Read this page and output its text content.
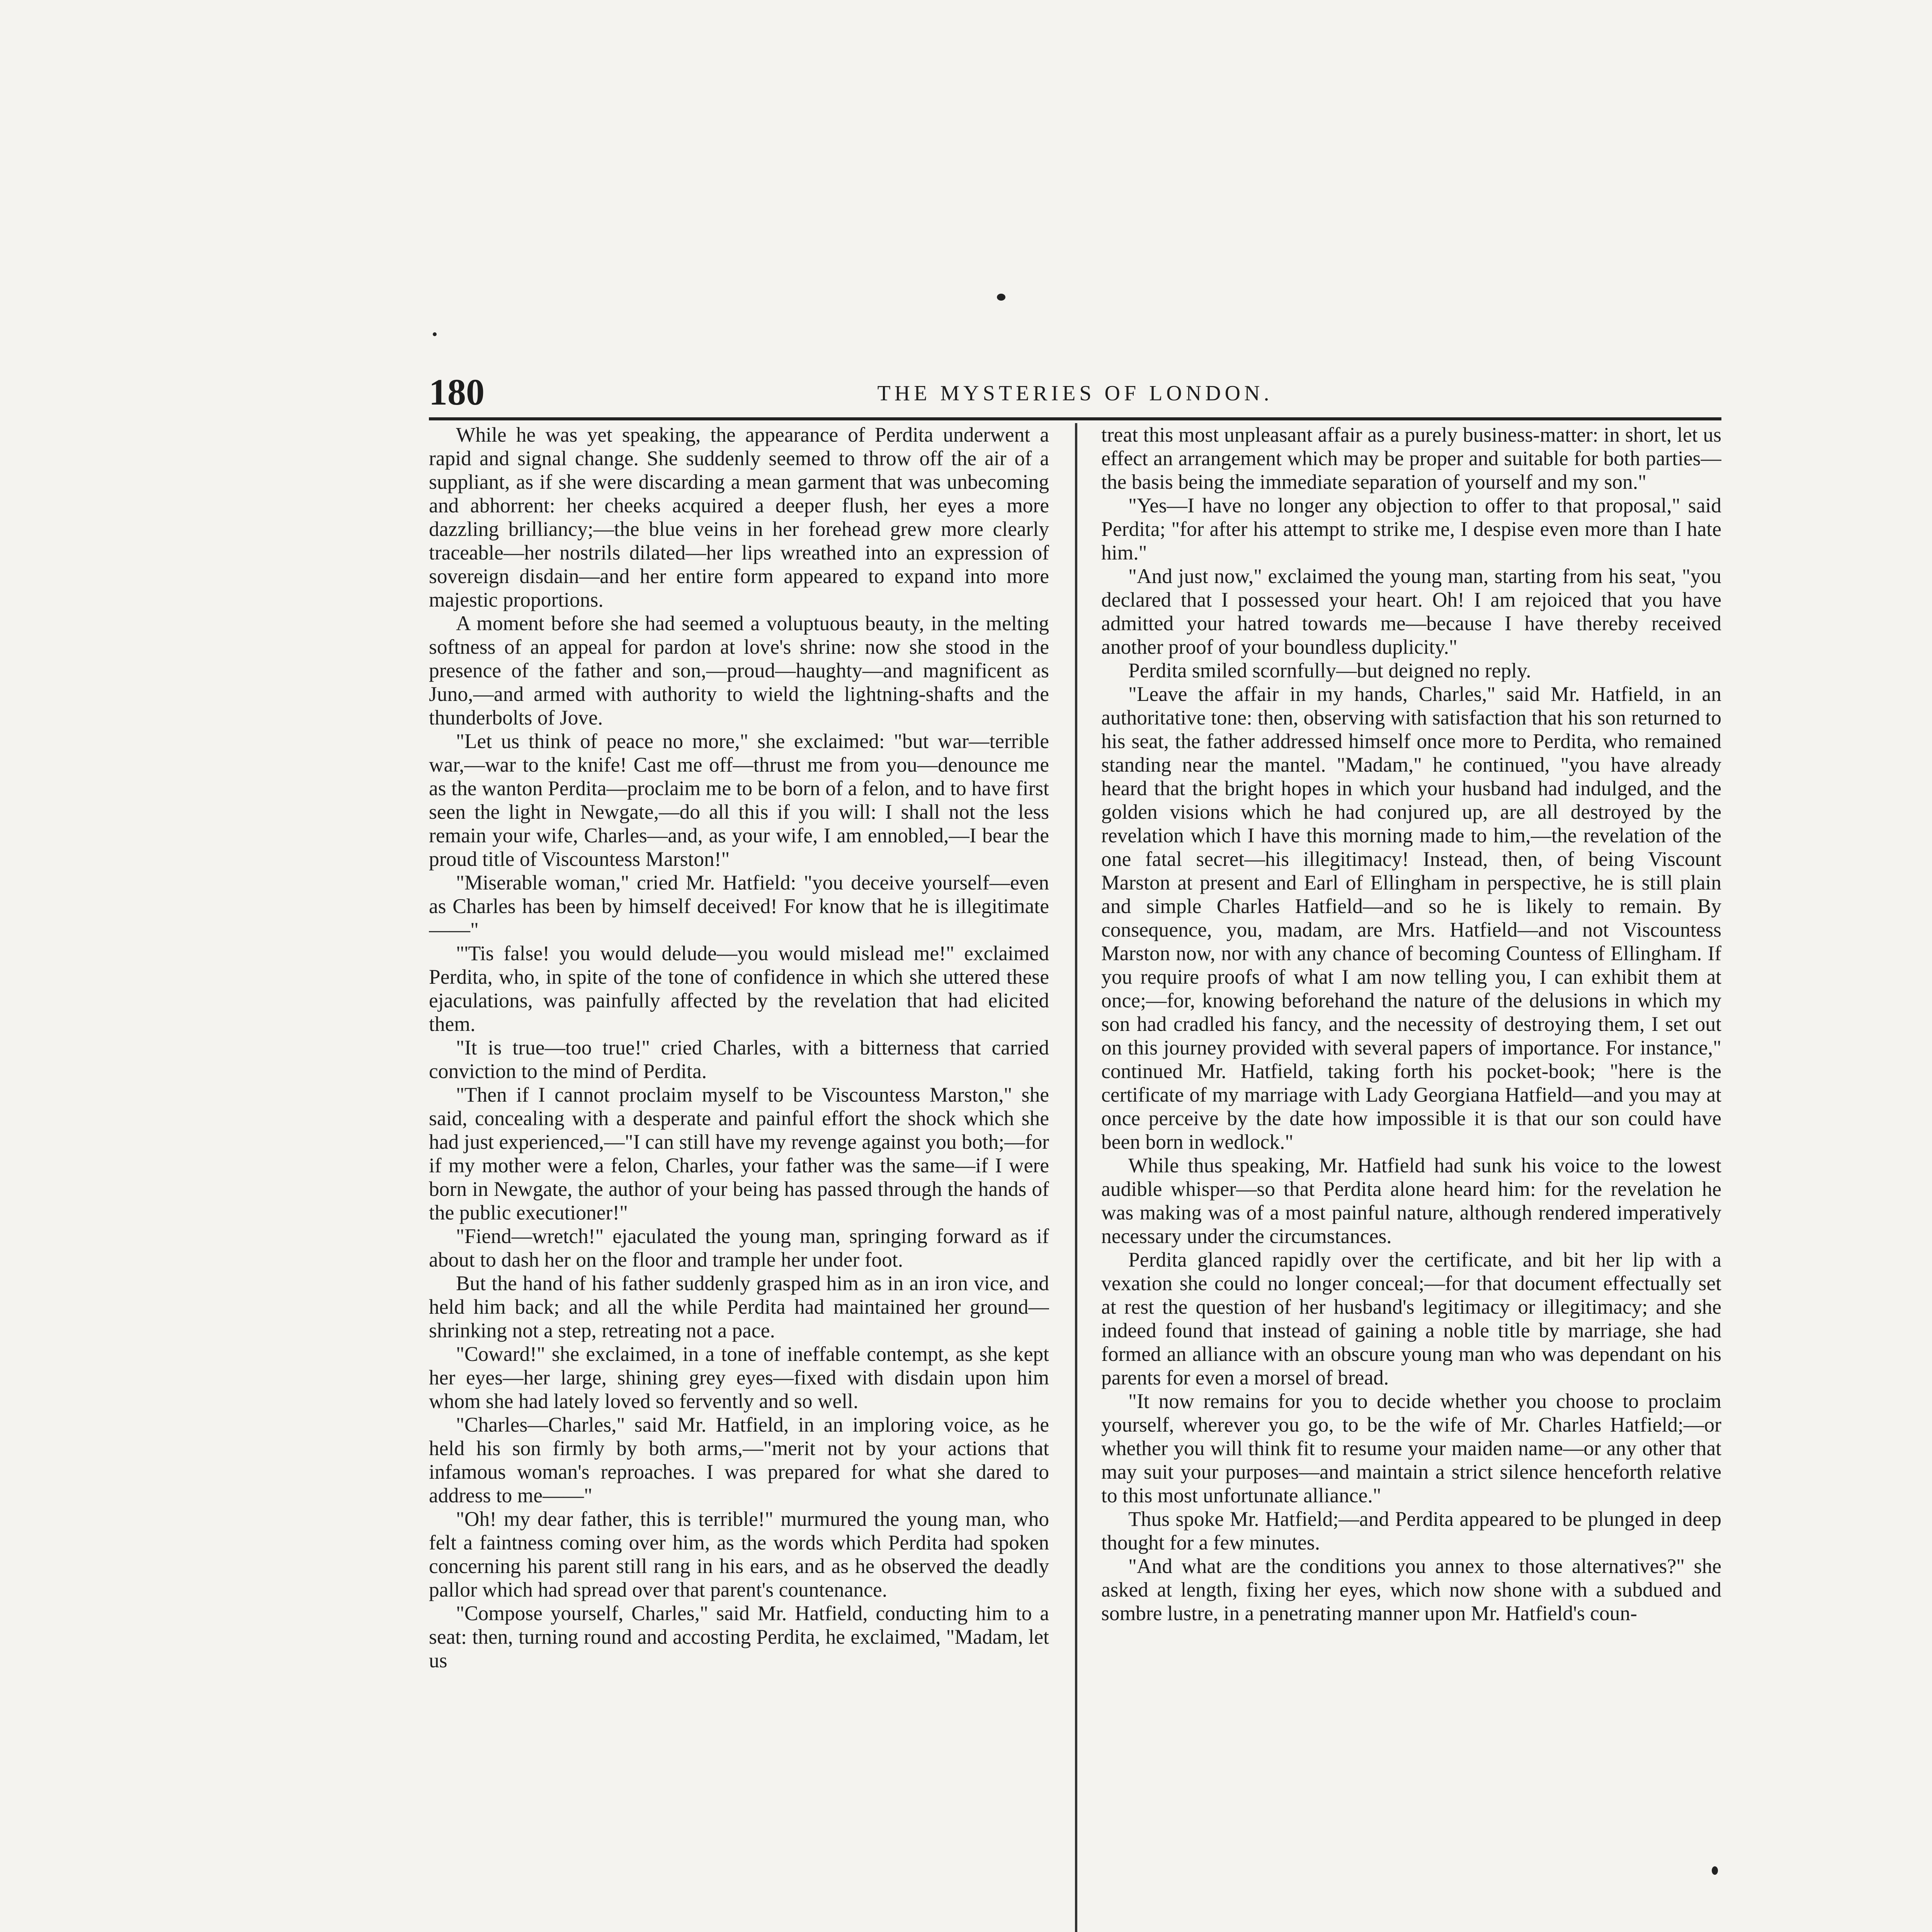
180	THE MYSTERIES OF LONDON.

While he was yet speaking, the appearance of Perdita underwent a rapid and signal change. She suddenly seemed to throw off the air of a suppliant, as if she were discarding a mean garment that was unbecoming and abhorrent: her cheeks acquired a deeper flush, her eyes a more dazzling brilliancy;—the blue veins in her forehead grew more clearly traceable—her nostrils dilated—her lips wreathed into an expression of sovereign disdain—and her entire form appeared to expand into more majestic proportions.

A moment before she had seemed a voluptuous beauty, in the melting softness of an appeal for pardon at love's shrine: now she stood in the presence of the father and son,—proud—haughty—and magnificent as Juno,—and armed with authority to wield the lightning-shafts and the thunderbolts of Jove.

"Let us think of peace no more," she exclaimed: "but war—terrible war,—war to the knife! Cast me off—thrust me from you—denounce me as the wanton Perdita—proclaim me to be born of a felon, and to have first seen the light in Newgate,—do all this if you will: I shall not the less remain your wife, Charles—and, as your wife, I am ennobled,—I bear the proud title of Viscountess Marston!"

"Miserable woman," cried Mr. Hatfield: "you deceive yourself—even as Charles has been by himself deceived! For know that he is illegitimate——"

"'Tis false! you would delude—you would mislead me!" exclaimed Perdita, who, in spite of the tone of confidence in which she uttered these ejaculations, was painfully affected by the revelation that had elicited them.

"It is true—too true!" cried Charles, with a bitterness that carried conviction to the mind of Perdita.

"Then if I cannot proclaim myself to be Viscountess Marston," she said, concealing with a desperate and painful effort the shock which she had just experienced,—"I can still have my revenge against you both;—for if my mother were a felon, Charles, your father was the same—if I were born in Newgate, the author of your being has passed through the hands of the public executioner!"

"Fiend—wretch!" ejaculated the young man, springing forward as if about to dash her on the floor and trample her under foot.

But the hand of his father suddenly grasped him as in an iron vice, and held him back; and all the while Perdita had maintained her ground—shrinking not a step, retreating not a pace.

"Coward!" she exclaimed, in a tone of ineffable contempt, as she kept her eyes—her large, shining grey eyes—fixed with disdain upon him whom she had lately loved so fervently and so well.

"Charles—Charles," said Mr. Hatfield, in an imploring voice, as he held his son firmly by both arms,—"merit not by your actions that infamous woman's reproaches. I was prepared for what she dared to address to me——"

"Oh! my dear father, this is terrible!" murmured the young man, who felt a faintness coming over him, as the words which Perdita had spoken concerning his parent still rang in his ears, and as he observed the deadly pallor which had spread over that parent's countenance.

"Compose yourself, Charles," said Mr. Hatfield, conducting him to a seat: then, turning round and accosting Perdita, he exclaimed, "Madam, let us

treat this most unpleasant affair as a purely business-matter: in short, let us effect an arrangement which may be proper and suitable for both parties—the basis being the immediate separation of yourself and my son."

"Yes—I have no longer any objection to offer to that proposal," said Perdita; "for after his attempt to strike me, I despise even more than I hate him."

"And just now," exclaimed the young man, starting from his seat, "you declared that I possessed your heart. Oh! I am rejoiced that you have admitted your hatred towards me—because I have thereby received another proof of your boundless duplicity."

Perdita smiled scornfully—but deigned no reply.

"Leave the affair in my hands, Charles," said Mr. Hatfield, in an authoritative tone: then, observing with satisfaction that his son returned to his seat, the father addressed himself once more to Perdita, who remained standing near the mantel. "Madam," he continued, "you have already heard that the bright hopes in which your husband had indulged, and the golden visions which he had conjured up, are all destroyed by the revelation which I have this morning made to him,—the revelation of the one fatal secret—his illegitimacy! Instead, then, of being Viscount Marston at present and Earl of Ellingham in perspective, he is still plain and simple Charles Hatfield—and so he is likely to remain. By consequence, you, madam, are Mrs. Hatfield—and not Viscountess Marston now, nor with any chance of becoming Countess of Ellingham. If you require proofs of what I am now telling you, I can exhibit them at once;—for, knowing beforehand the nature of the delusions in which my son had cradled his fancy, and the necessity of destroying them, I set out on this journey provided with several papers of importance. For instance," continued Mr. Hatfield, taking forth his pocket-book; "here is the certificate of my marriage with Lady Georgiana Hatfield—and you may at once perceive by the date how impossible it is that our son could have been born in wedlock."

While thus speaking, Mr. Hatfield had sunk his voice to the lowest audible whisper—so that Perdita alone heard him: for the revelation he was making was of a most painful nature, although rendered imperatively necessary under the circumstances.

Perdita glanced rapidly over the certificate, and bit her lip with a vexation she could no longer conceal;—for that document effectually set at rest the question of her husband's legitimacy or illegitimacy; and she indeed found that instead of gaining a noble title by marriage, she had formed an alliance with an obscure young man who was dependant on his parents for even a morsel of bread.

"It now remains for you to decide whether you choose to proclaim yourself, wherever you go, to be the wife of Mr. Charles Hatfield;—or whether you will think fit to resume your maiden name—or any other that may suit your purposes—and maintain a strict silence henceforth relative to this most unfortunate alliance."

Thus spoke Mr. Hatfield;—and Perdita appeared to be plunged in deep thought for a few minutes.

"And what are the conditions you annex to those alternatives?" she asked at length, fixing her eyes, which now shone with a subdued and sombre lustre, in a penetrating manner upon Mr. Hatfield's coun-
